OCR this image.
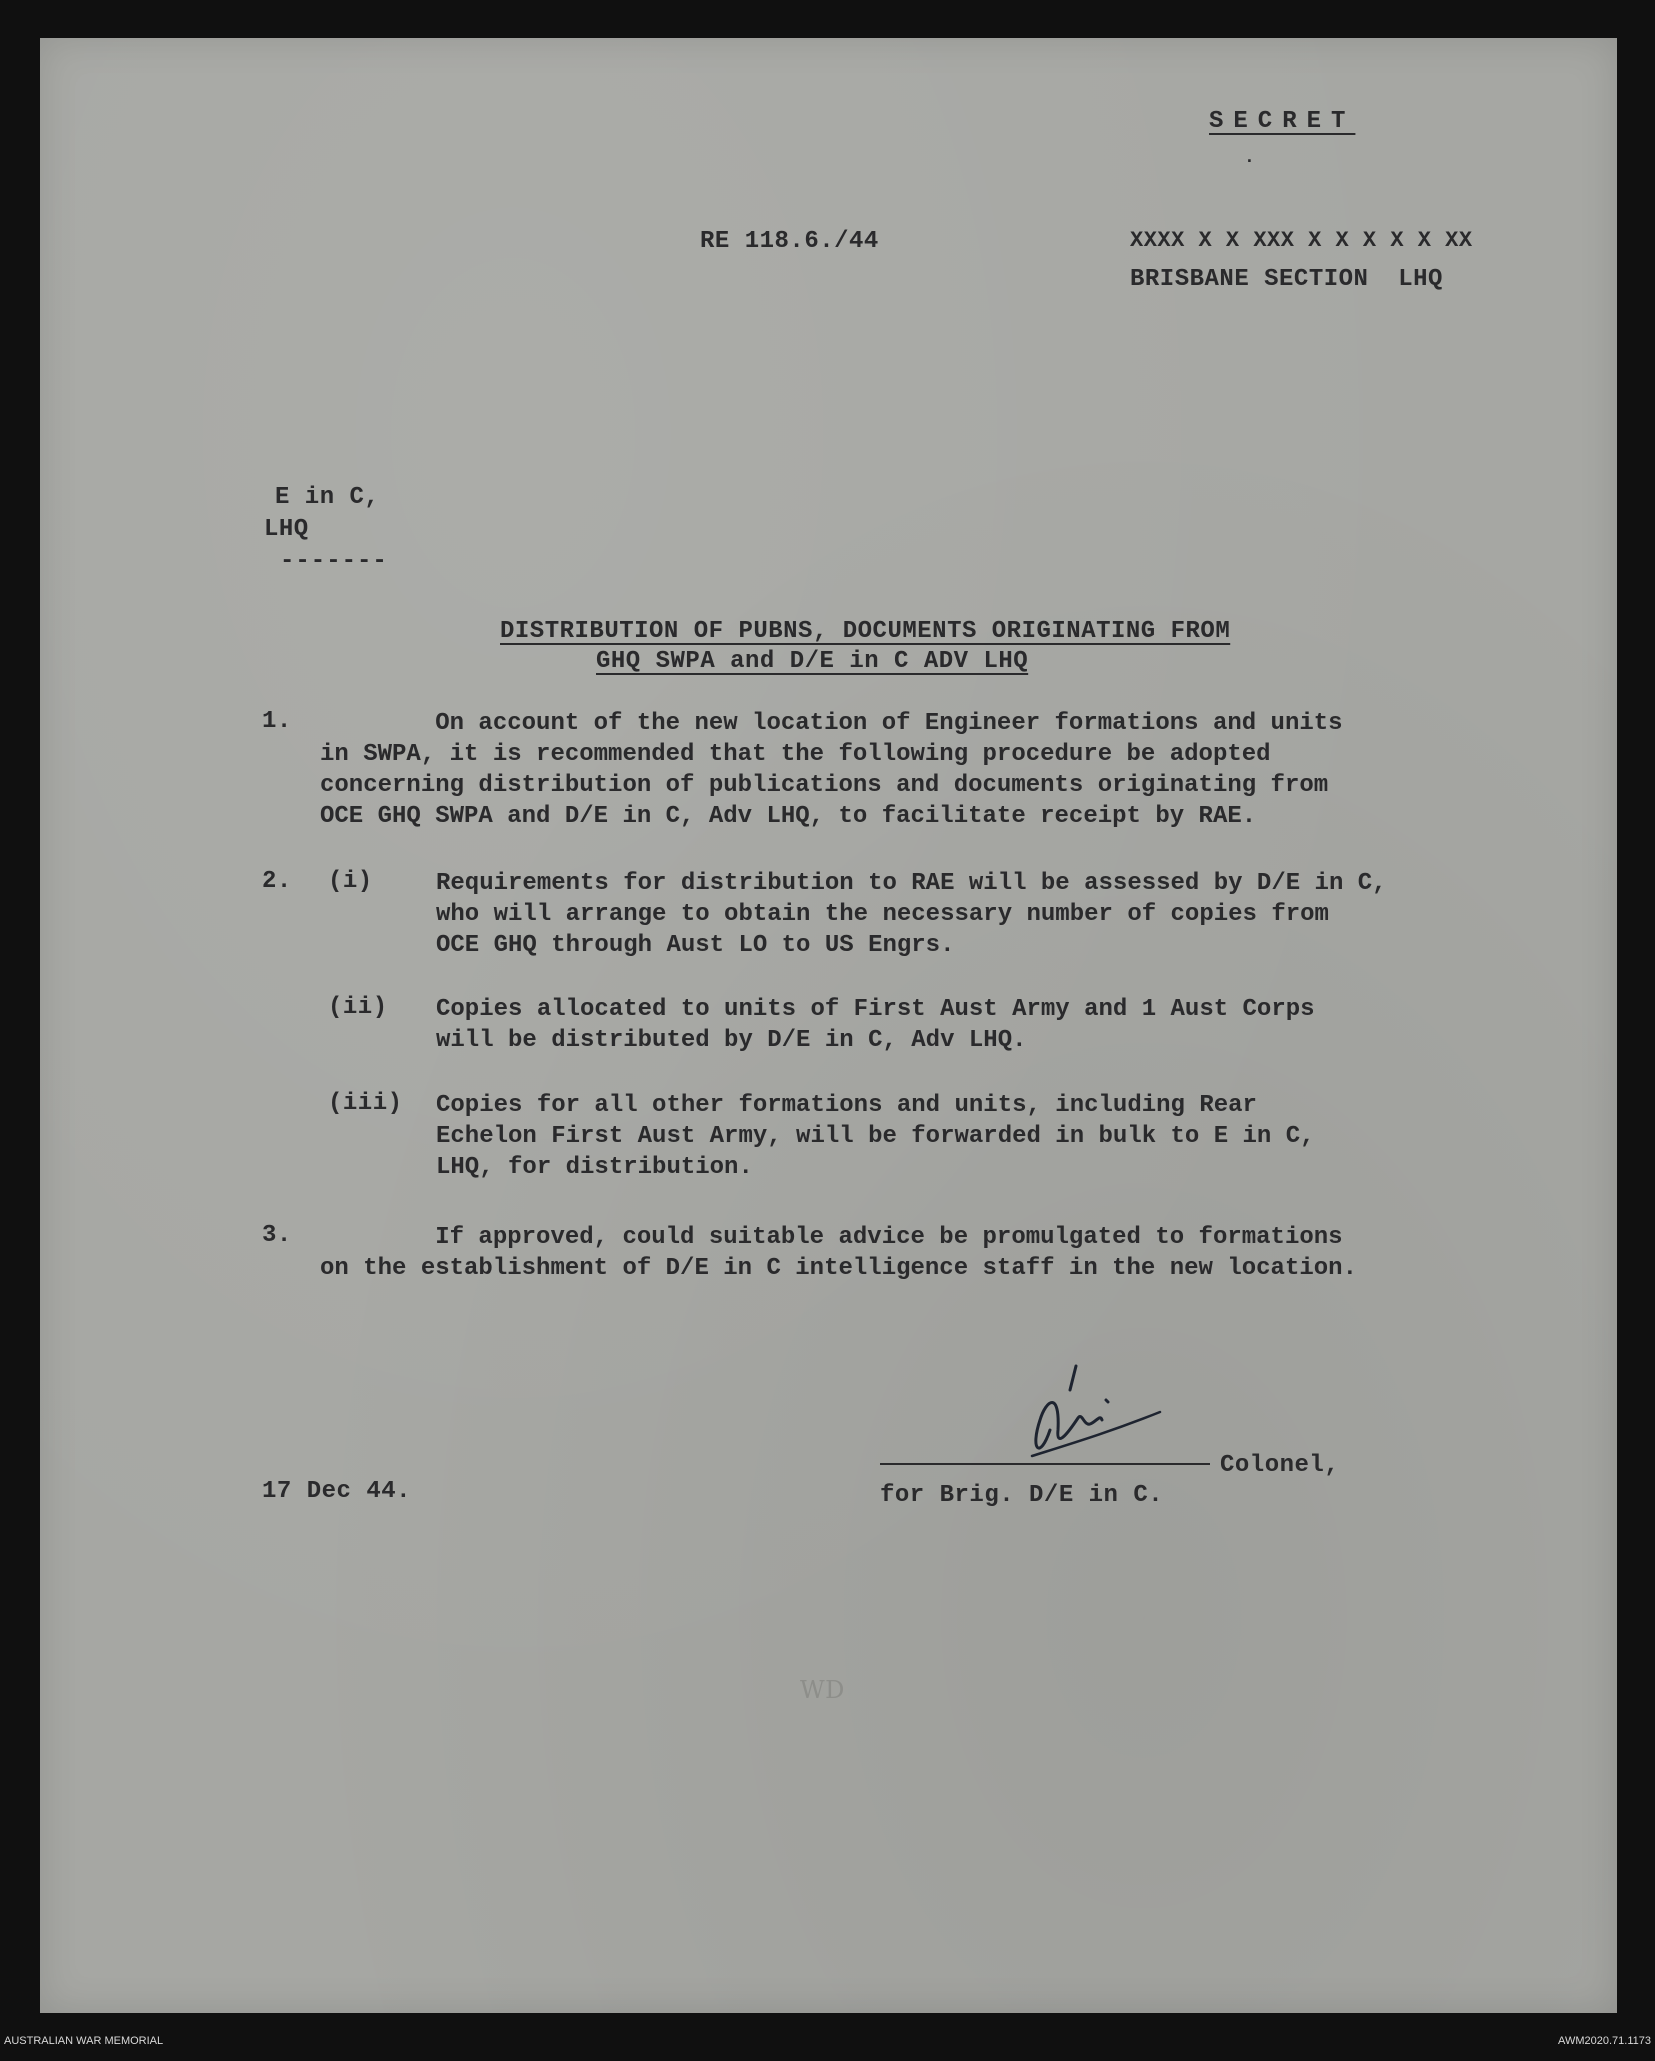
SECRET
.
RE 118.6./44	XXXX X X XXX X X X X X XX
BRISBANE SECTION  LHQ
E in C,
LHQ
-------
DISTRIBUTION OF PUBNS, DOCUMENTS ORIGINATING FROM
GHQ SWPA and D/E in C ADV LHQ
1.	On account of the new location of Engineer formations and units
in SWPA, it is recommended that the following procedure be adopted
concerning distribution of publications and documents originating from
OCE GHQ SWPA and D/E in C, Adv LHQ, to facilitate receipt by RAE.
2. (i)	Requirements for distribution to RAE will be assessed by D/E in C,
who will arrange to obtain the necessary number of copies from
OCE GHQ through Aust LO to US Engrs.
(ii) Copies allocated to units of First Aust Army and 1 Aust Corps
will be distributed by D/E in C, Adv LHQ.
(iii) Copies for all other formations and units, including Rear
Echelon First Aust Army, will be forwarded in bulk to E in C,
LHQ, for distribution.
3.	If approved, could suitable advice be promulgated to formations
on the establishment of D/E in C intelligence staff in the new location.
17 Dec 44.
Colonel,
for Brig. D/E in C.
WD
AUSTRALIAN WAR MEMORIAL	AWM2020.71.1173
